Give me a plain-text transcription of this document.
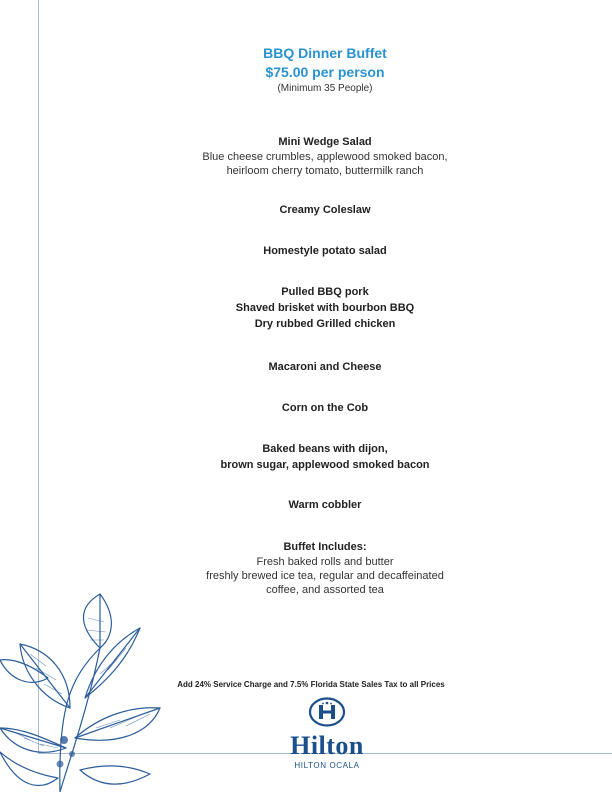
BBQ Dinner Buffet
$75.00 per person
(Minimum 35 People)
Mini Wedge Salad
Blue cheese crumbles, applewood smoked bacon,
heirloom cherry tomato, buttermilk ranch
Creamy Coleslaw
Homestyle potato salad
Pulled BBQ pork
Shaved brisket with bourbon BBQ
Dry rubbed Grilled chicken
Macaroni and Cheese
Corn on the Cob
Baked beans with dijon,
brown sugar, applewood smoked bacon
Warm cobbler
Buffet Includes:
Fresh baked rolls and butter
freshly brewed ice tea, regular and decaffeinated
coffee, and assorted tea
Add 24% Service Charge and 7.5% Florida State Sales Tax to all Prices
Hilton
HILTON OCALA
